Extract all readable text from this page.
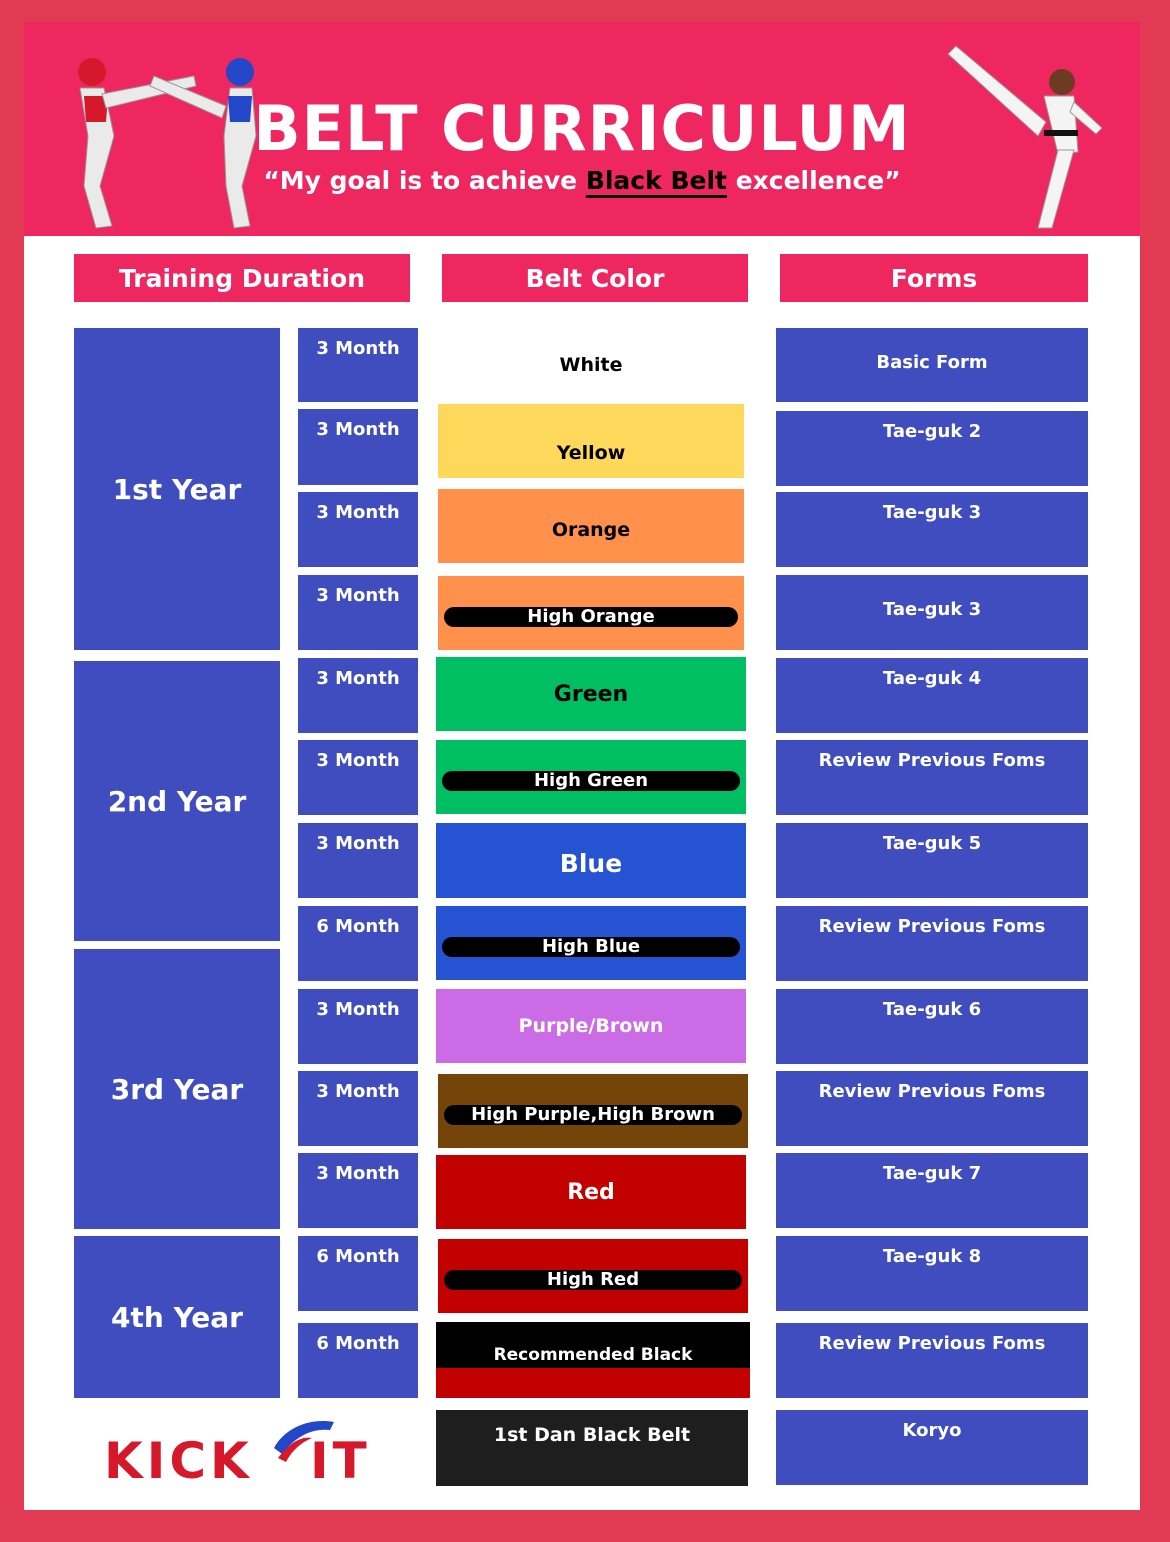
BELT CURRICULUM
“My goal is to achieve Black Belt excellence”
Training Duration	Belt Color	Forms
1st Year
2nd Year
3rd Year
4th Year
3 Month
3 Month
3 Month
3 Month
3 Month
3 Month
3 Month
6 Month
3 Month
3 Month
3 Month
6 Month
6 Month
White
Yellow
Orange
High Orange
Green
High Green
Blue
High Blue
Purple/Brown
High Purple,High Brown
Red
High Red
Recommended Black
1st Dan Black Belt
Basic Form
Tae-guk 2
Tae-guk 3
Tae-guk 3
Tae-guk 4
Review Previous Foms
Tae-guk 5
Review Previous Foms
Tae-guk 6
Review Previous Foms
Tae-guk 7
Tae-guk 8
Review Previous Foms
Koryo
KICK IT
